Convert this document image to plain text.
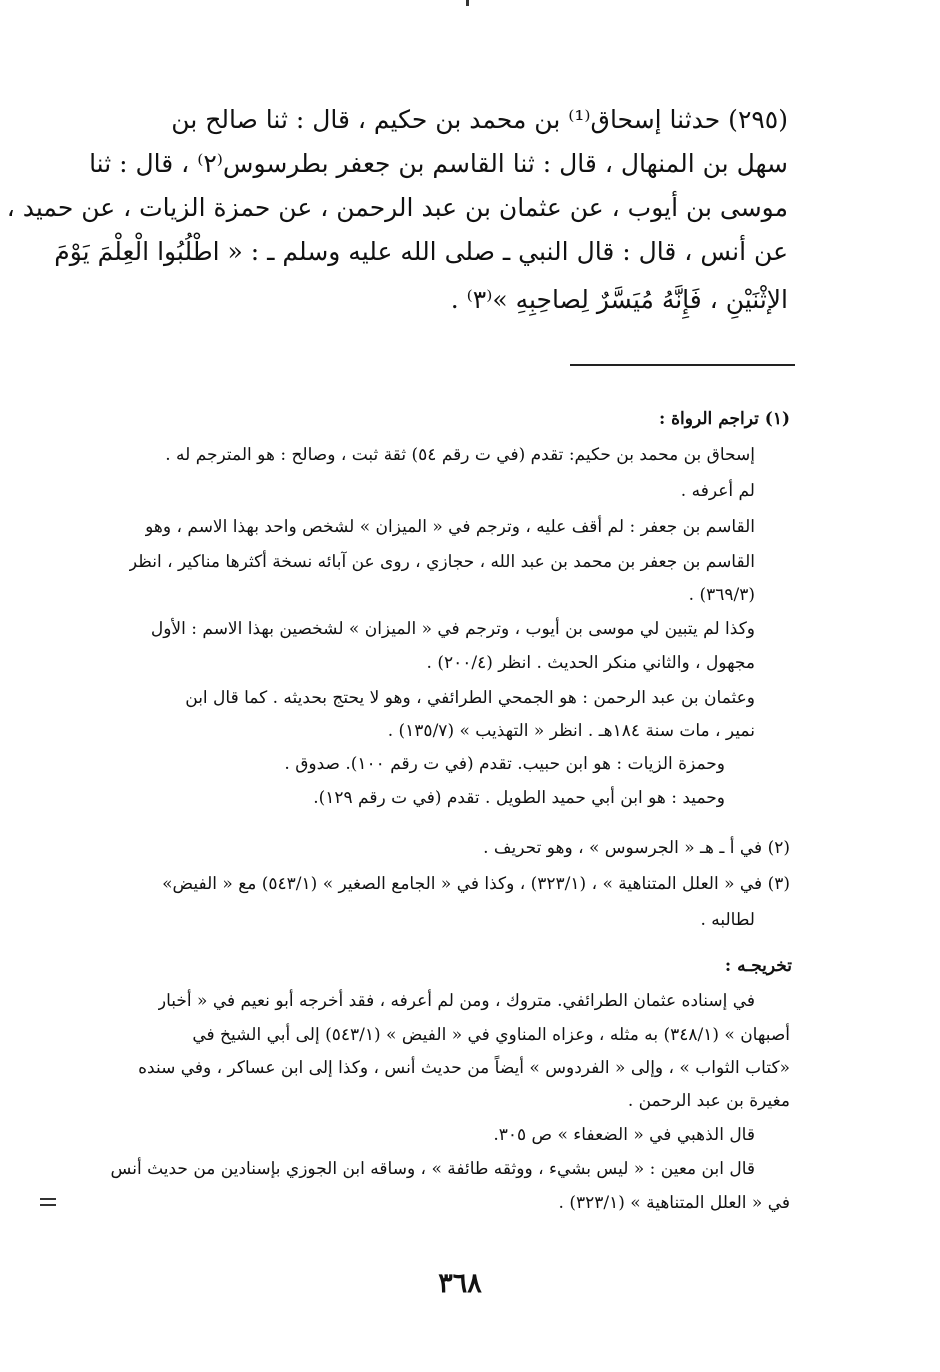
(٢٩٥) حدثنا إسحاق⁽¹⁾ بن محمد بن حكيم ، قال : ثنا صالح بن
سهل بن المنهال ، قال : ثنا القاسم بن جعفر بطرسوس⁽٢⁾ ، قال : ثنا
موسى بن أيوب ، عن عثمان بن عبد الرحمن ، عن حمزة الزيات ، عن حميد ،
عن أنس ، قال : قال النبي ـ صلى الله عليه وسلم ـ : « اطْلُبُوا الْعِلْمَ يَوْمَ
الإثْنَيْنِ ، فَإِنَّهُ مُيَسَّرٌ لِصاحِبِهِ »⁽٣⁾ .
(١) تراجم الرواة :
إسحاق بن محمد بن حكيم: تقدم (في ت رقم ٥٤) ثقة ثبت ، وصالح : هو المترجم له .
لم أعرفه .
القاسم بن جعفر : لم أقف عليه ، وترجم في « الميزان » لشخص واحد بهذا الاسم ، وهو
القاسم بن جعفر بن محمد بن عبد الله ، حجازي ، روى عن آبائه نسخة أكثرها مناكير ، انظر
(٣٦٩/٣) .
وكذا لم يتبين لي موسى بن أيوب ، وترجم في « الميزان » لشخصين بهذا الاسم : الأول
مجهول ، والثاني منكر الحديث . انظر (٢٠٠/٤) .
وعثمان بن عبد الرحمن : هو الجمحي الطرائفي ، وهو لا يحتج بحديثه . كما قال ابن
نمير ، مات سنة ١٨٤هـ . انظر « التهذيب » (١٣٥/٧) .
وحمزة الزيات : هو ابن حبيب. تقدم (في ت رقم ١٠٠). صدوق .
وحميد : هو ابن أبي حميد الطويل . تقدم (في ت رقم ١٢٩).
(٢) في أ ـ هـ « الجرسوس » ، وهو تحريف .
(٣) في « العلل المتناهية » ، (٣٢٣/١) ، وكذا في « الجامع الصغير » (٥٤٣/١) مع « الفيض»
لطالبه .
تخريجـه :
في إسناده عثمان الطرائفي. متروك ، ومن لم أعرفه ، فقد أخرجه أبو نعيم في « أخبار
أصبهان » (٣٤٨/١) به مثله ، وعزاه المناوي في « الفيض » (٥٤٣/١) إلى أبي الشيخ في
«كتاب الثواب » ، وإلى « الفردوس » أيضاً من حديث أنس ، وكذا إلى ابن عساكر ، وفي سنده
مغيرة بن عبد الرحمن .
قال الذهبي في « الضعفاء » ص ٣٠٥.
قال ابن معين : « ليس بشيء ، ووثقه طائفة » ، وساقه ابن الجوزي بإسنادين من حديث أنس
في « العلل المتناهية » (٣٢٣/١) .
٣٦٨
